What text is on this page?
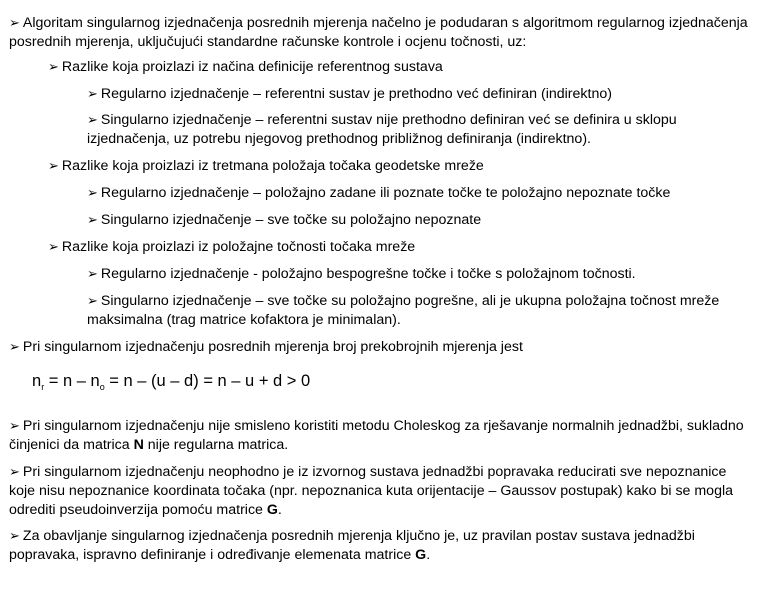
➢ Algoritam singularnog izjednačenja posrednih mjerenja načelno je podudaran s algoritmom regularnog izjednačenja posrednih mjerenja, uključujući standardne računske kontrole i ocjenu točnosti, uz:

➢ Razlike koja proizlazi iz načina definicije referentnog sustava

➢ Regularno izjednačenje – referentni sustav je prethodno već definiran (indirektno)

➢ Singularno izjednačenje – referentni sustav nije prethodno definiran već se definira u sklopu izjednačenja, uz potrebu njegovog prethodnog približnog definiranja (indirektno).

➢ Razlike koja proizlazi iz tretmana položaja točaka geodetske mreže

➢ Regularno izjednačenje – položajno zadane ili poznate točke te položajno nepoznate točke

➢ Singularno izjednačenje – sve točke su položajno nepoznate

➢ Razlike koja proizlazi iz položajne točnosti točaka mreže

➢ Regularno izjednačenje - položajno bespogrešne točke i točke s položajnom točnosti.

➢ Singularno izjednačenje – sve točke su položajno pogrešne, ali je ukupna položajna točnost mreže maksimalna (trag matrice kofaktora je minimalan).

➢ Pri singularnom izjednačenju posrednih mjerenja broj prekobrojnih mjerenja jest

$n_r = n - n_o = n - (u - d) = n - u + d > 0$

➢ Pri singularnom izjednačenju nije smisleno koristiti metodu Choleskog za rješavanje normalnih jednadžbi, sukladno činjenici da matrica N nije regularna matrica.

➢ Pri singularnom izjednačenju neophodno je iz izvornog sustava jednadžbi popravaka reducirati sve nepoznanice koje nisu nepoznanice koordinata točaka (npr. nepoznanica kuta orijentacije – Gaussov postupak) kako bi se mogla odrediti pseudoinverzija pomoću matrice G.

➢ Za obavljanje singularnog izjednačenja posrednih mjerenja ključno je, uz pravilan postav sustava jednadžbi popravaka, ispravno definiranje i određivanje elemenata matrice G.
